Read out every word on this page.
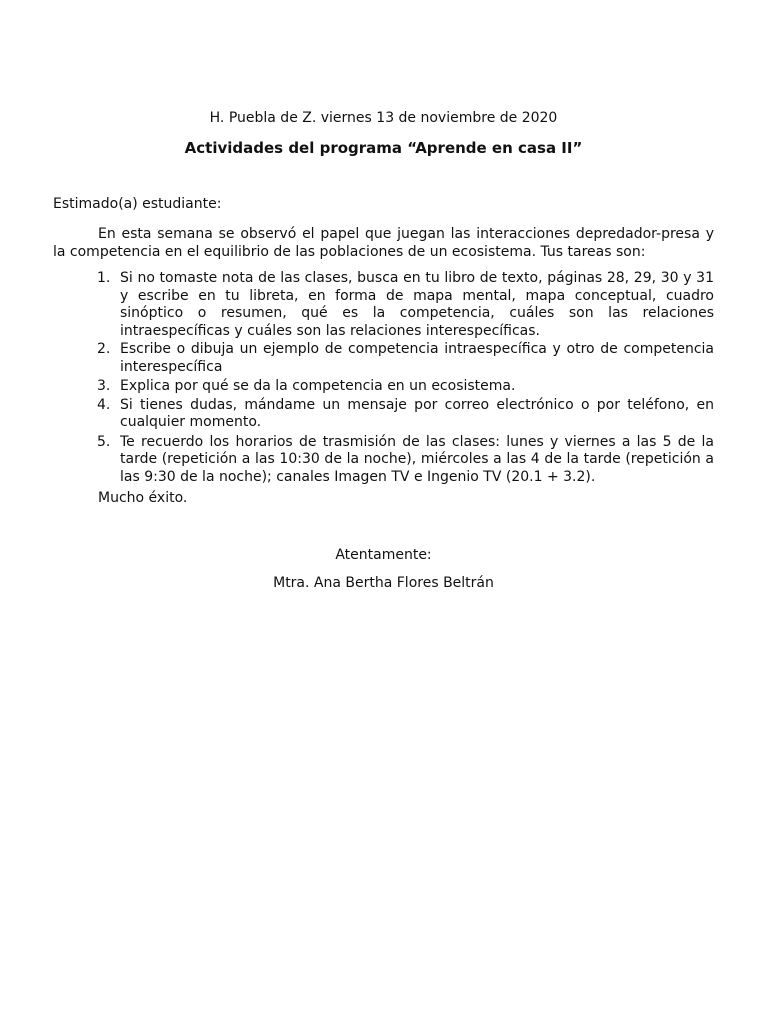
H. Puebla de Z. viernes 13 de noviembre de 2020
Actividades del programa “Aprende en casa II”
Estimado(a) estudiante:

En esta semana se observó el papel que juegan las interacciones depredador-presa y la competencia en el equilibrio de las poblaciones de un ecosistema. Tus tareas son:

1. Si no tomaste nota de las clases, busca en tu libro de texto, páginas 28, 29, 30 y 31 y escribe en tu libreta, en forma de mapa mental, mapa conceptual, cuadro sinóptico o resumen, qué es la competencia, cuáles son las relaciones intraespecíficas y cuáles son las relaciones interespecíficas.
2. Escribe o dibuja un ejemplo de competencia intraespecífica y otro de competencia interespecífica
3. Explica por qué se da la competencia en un ecosistema.
4. Si tienes dudas, mándame un mensaje por correo electrónico o por teléfono, en cualquier momento.
5. Te recuerdo los horarios de trasmisión de las clases: lunes y viernes a las 5 de la tarde (repetición a las 10:30 de la noche), miércoles a las 4 de la tarde (repetición a las 9:30 de la noche); canales Imagen TV e Ingenio TV (20.1 + 3.2).
Mucho éxito.
Atentamente:
Mtra. Ana Bertha Flores Beltrán
